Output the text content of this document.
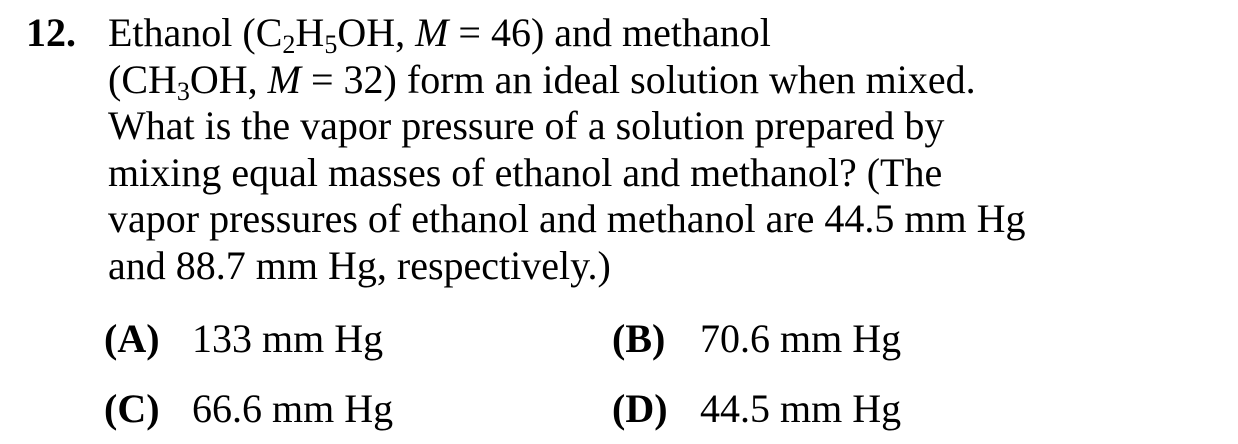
12. Ethanol ($C_2H_5OH$, M = 46) and methanol
($CH_3OH$, M = 32) form an ideal solution when mixed.
What is the vapor pressure of a solution prepared by
mixing equal masses of ethanol and methanol? (The
vapor pressures of ethanol and methanol are 44.5 mm Hg
and 88.7 mm Hg, respectively.)
(A) 133 mm Hg	(B) 70.6 mm Hg
(C) 66.6 mm Hg	(D) 44.5 mm Hg
